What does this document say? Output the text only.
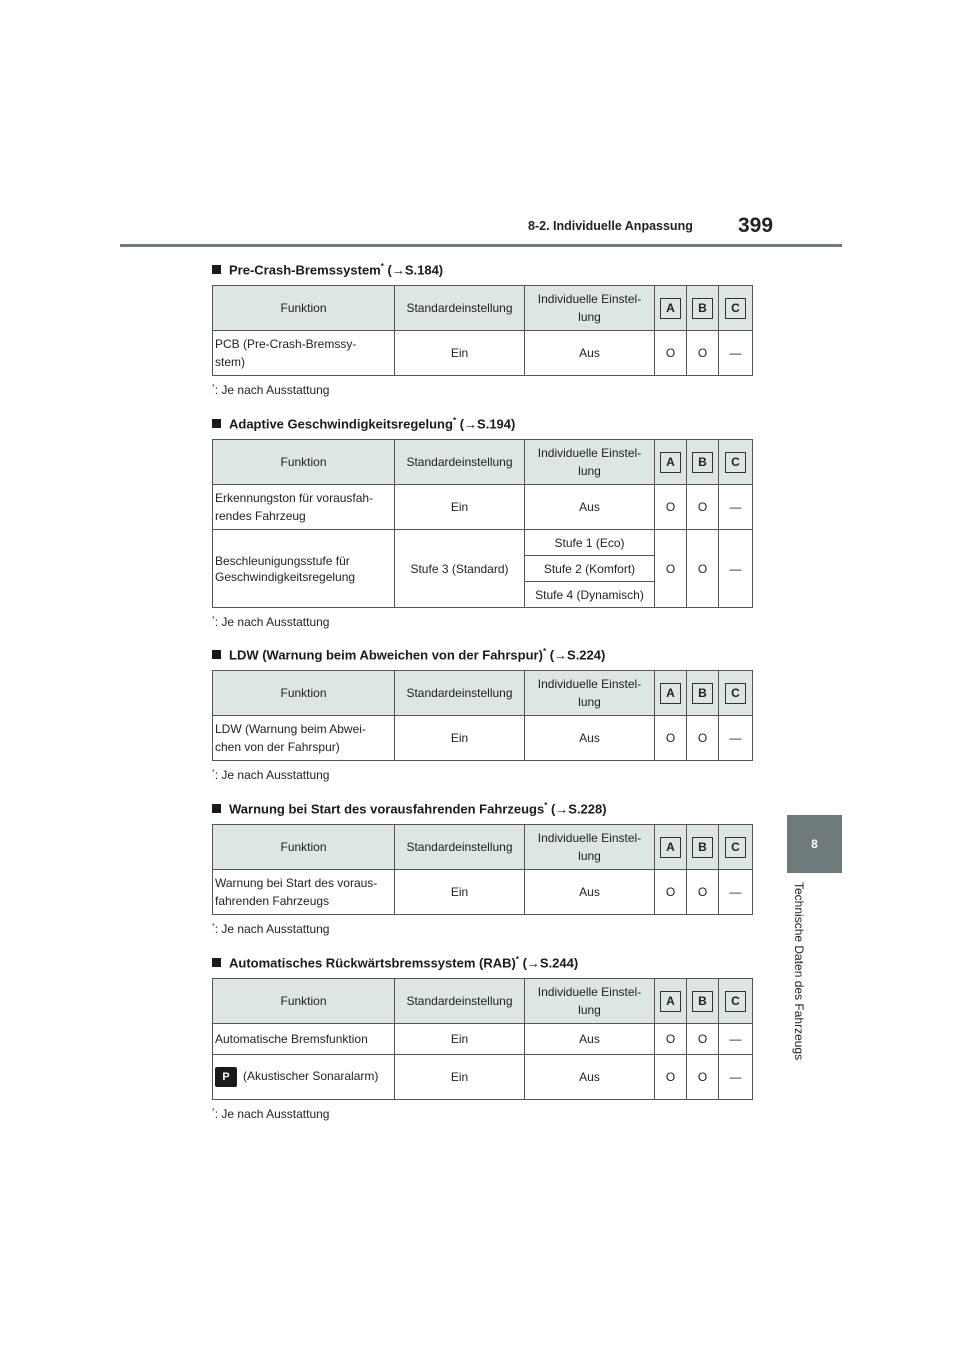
8-2. Individuelle Anpassung 399
8
Technische Daten des Fahrzeugs
Pre-Crash-Bremssystem* (→S.184)
Funktion	Standardeinstellung	Individuelle Einstel-
lung	A	B	C
PCB (Pre-Crash-Bremssy-
stem)	Ein	Aus	O	O	—
*: Je nach Ausstattung
Adaptive Geschwindigkeitsregelung* (→S.194)
Funktion	Standardeinstellung	Individuelle Einstel-
lung	A	B	C
Erkennungston für vorausfah-
rendes Fahrzeug	Ein	Aus	O	O	—
Beschleunigungsstufe für
Geschwindigkeitsregelung	Stufe 3 (Standard)	Stufe 1 (Eco)	O	O	—
		Stufe 2 (Komfort)			
		Stufe 4 (Dynamisch)			
*: Je nach Ausstattung
LDW (Warnung beim Abweichen von der Fahrspur)* (→S.224)
Funktion	Standardeinstellung	Individuelle Einstel-
lung	A	B	C
LDW (Warnung beim Abwei-
chen von der Fahrspur)	Ein	Aus	O	O	—
*: Je nach Ausstattung
Warnung bei Start des vorausfahrenden Fahrzeugs* (→S.228)
Funktion	Standardeinstellung	Individuelle Einstel-
lung	A	B	C
Warnung bei Start des voraus-
fahrenden Fahrzeugs	Ein	Aus	O	O	—
*: Je nach Ausstattung
Automatisches Rückwärtsbremssystem (RAB)* (→S.244)
Funktion	Standardeinstellung	Individuelle Einstel-
lung	A	B	C
Automatische Bremsfunktion	Ein	Aus	O	O	—
P (Akustischer Sonaralarm)	Ein	Aus	O	O	—
*: Je nach Ausstattung
